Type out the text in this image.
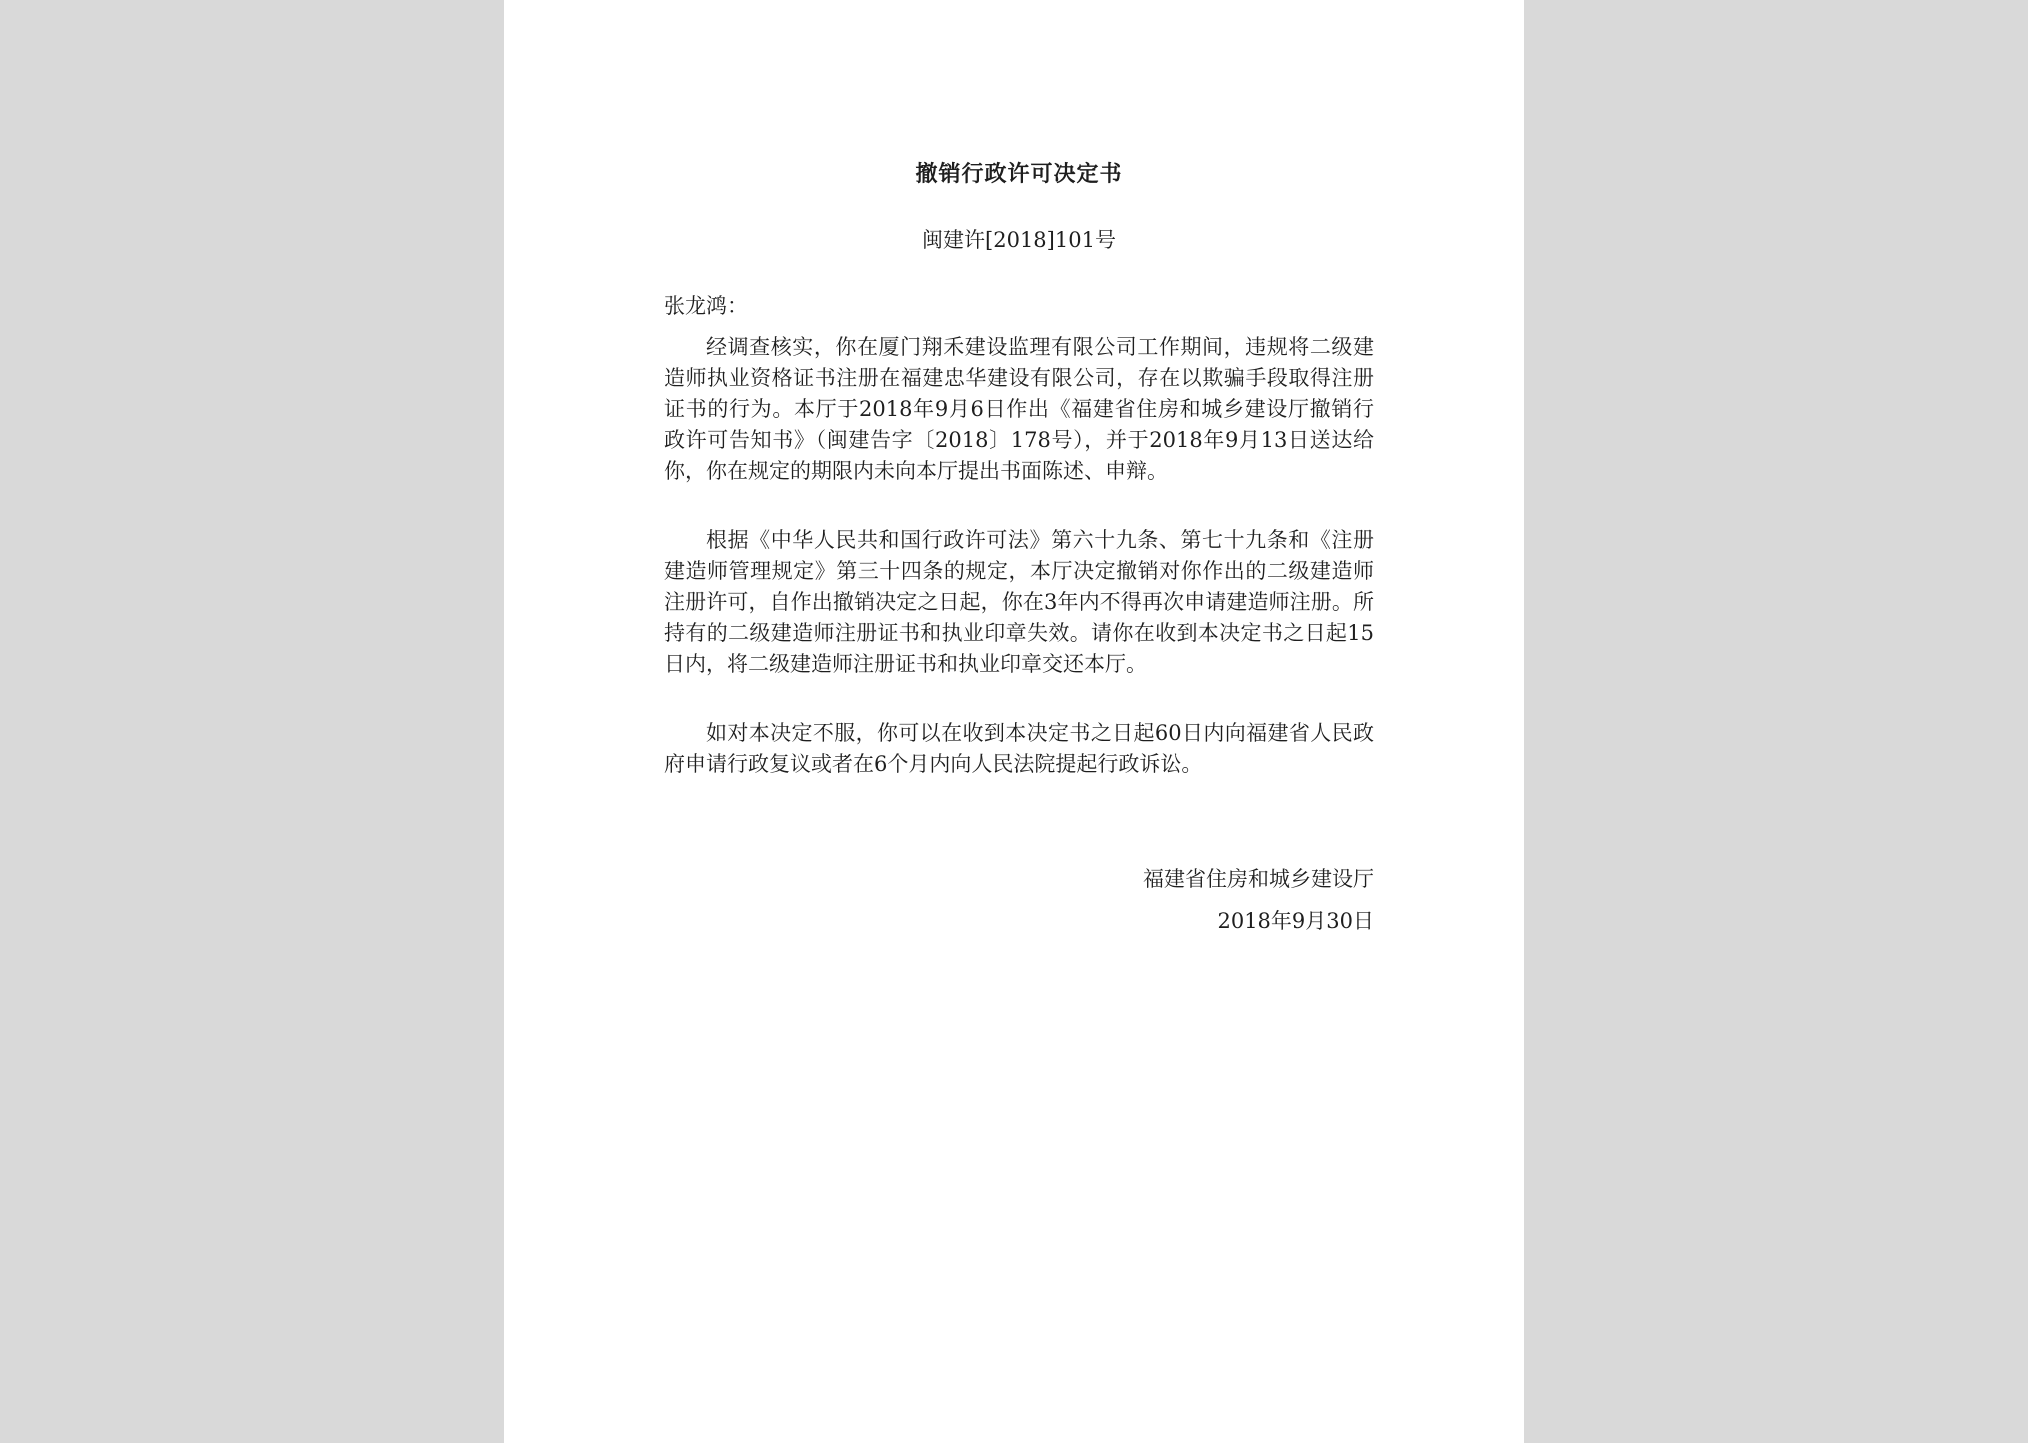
撤销行政许可决定书
闽建许[2018]101号
张龙鸿：

经调查核实，你在厦门翔禾建设监理有限公司工作期间，违规将二级建造师执业资格证书注册在福建忠华建设有限公司，存在以欺骗手段取得注册证书的行为。本厅于2018年9月6日作出《福建省住房和城乡建设厅撤销行政许可告知书》（闽建告字〔2018〕178号），并于2018年9月13日送达给你，你在规定的期限内未向本厅提出书面陈述、申辩。

根据《中华人民共和国行政许可法》第六十九条、第七十九条和《注册建造师管理规定》第三十四条的规定，本厅决定撤销对你作出的二级建造师注册许可，自作出撤销决定之日起，你在3年内不得再次申请建造师注册。所持有的二级建造师注册证书和执业印章失效。请你在收到本决定书之日起15日内，将二级建造师注册证书和执业印章交还本厅。

如对本决定不服，你可以在收到本决定书之日起60日内向福建省人民政府申请行政复议或者在6个月内向人民法院提起行政诉讼。

福建省住房和城乡建设厅
2018年9月30日
